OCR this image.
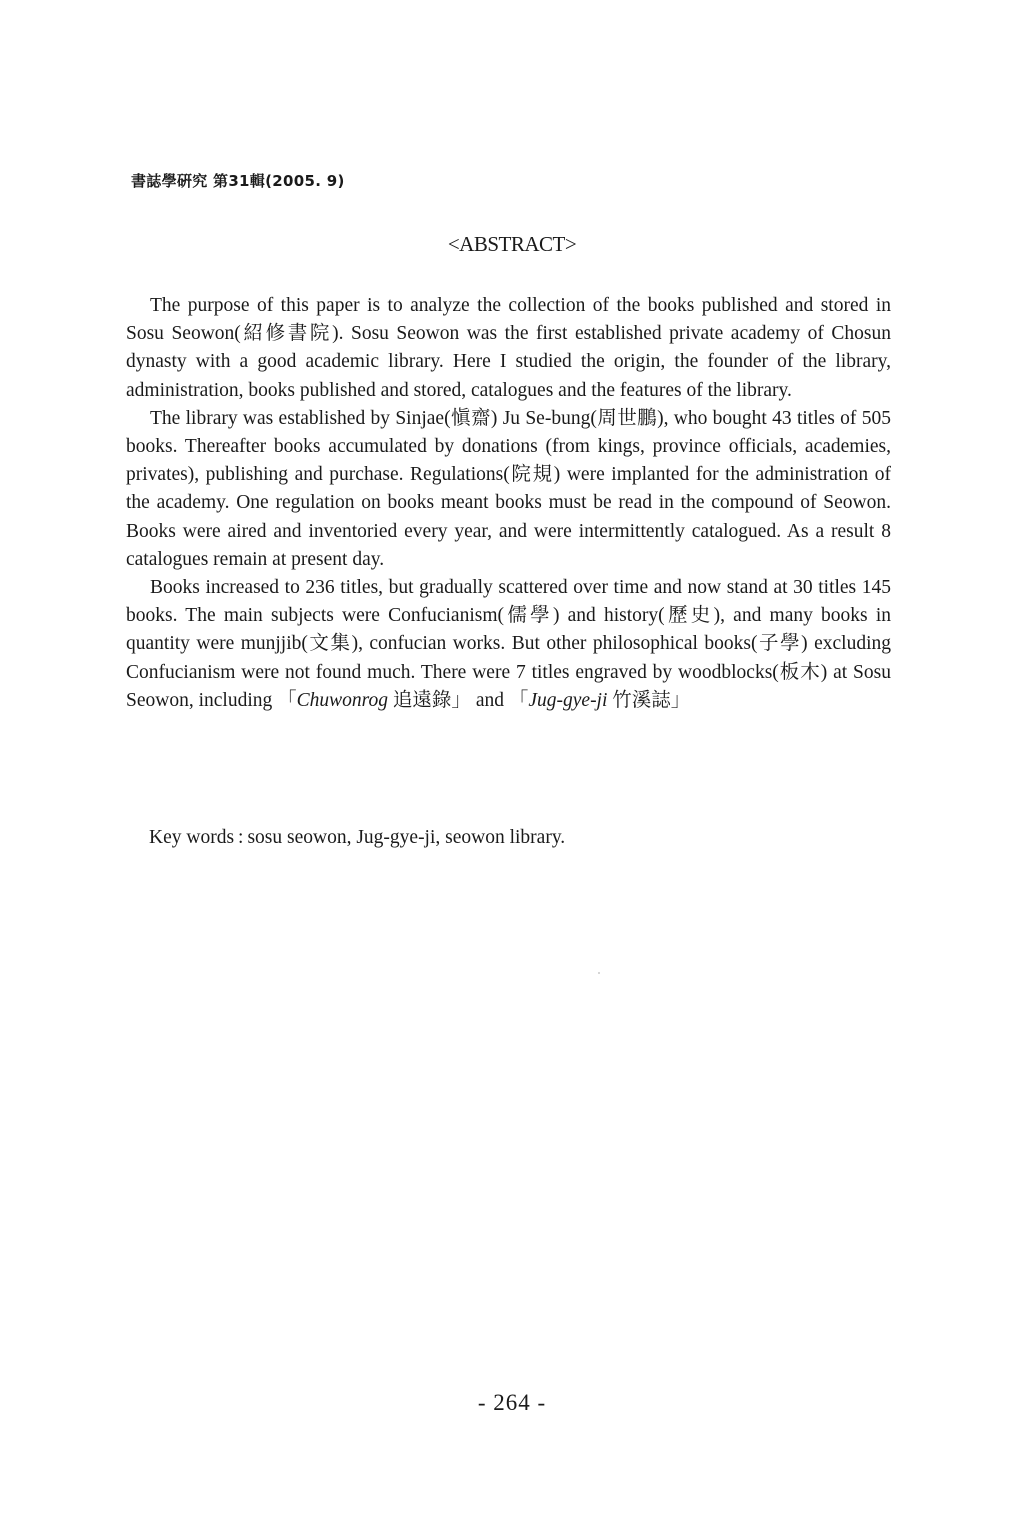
書誌學硏究 第31輯(2005. 9)
<ABSTRACT>

The purpose of this paper is to analyze the collection of the books published and stored in Sosu Seowon(紹修書院). Sosu Seowon was the first established private academy of Chosun dynasty with a good academic library. Here I studied the origin, the founder of the library, administration, books published and stored, catalogues and the features of the library.

The library was established by Sinjae(愼齋) Ju Se-bung(周世鵬), who bought 43 titles of 505 books. Thereafter books accumulated by donations (from kings, province officials, academies, privates), publishing and purchase. Regulations(院規) were implanted for the administration of the academy. One regulation on books meant books must be read in the compound of Seowon. Books were aired and inventoried every year, and were intermittently catalogued. As a result 8 catalogues remain at present day.

Books increased to 236 titles, but gradually scattered over time and now stand at 30 titles 145 books. The main subjects were Confucianism(儒學) and history(歷史), and many books in quantity were munjjib(文集), confucian works. But other philosophical books(子學) excluding Confucianism were not found much. There were 7 titles engraved by woodblocks(板木) at Sosu Seowon, including 「Chuwonrog 追遠錄」 and 「Jug-gye-ji 竹溪誌」

Key words : sosu seowon, Jug-gye-ji, seowon library.
- 264 -
